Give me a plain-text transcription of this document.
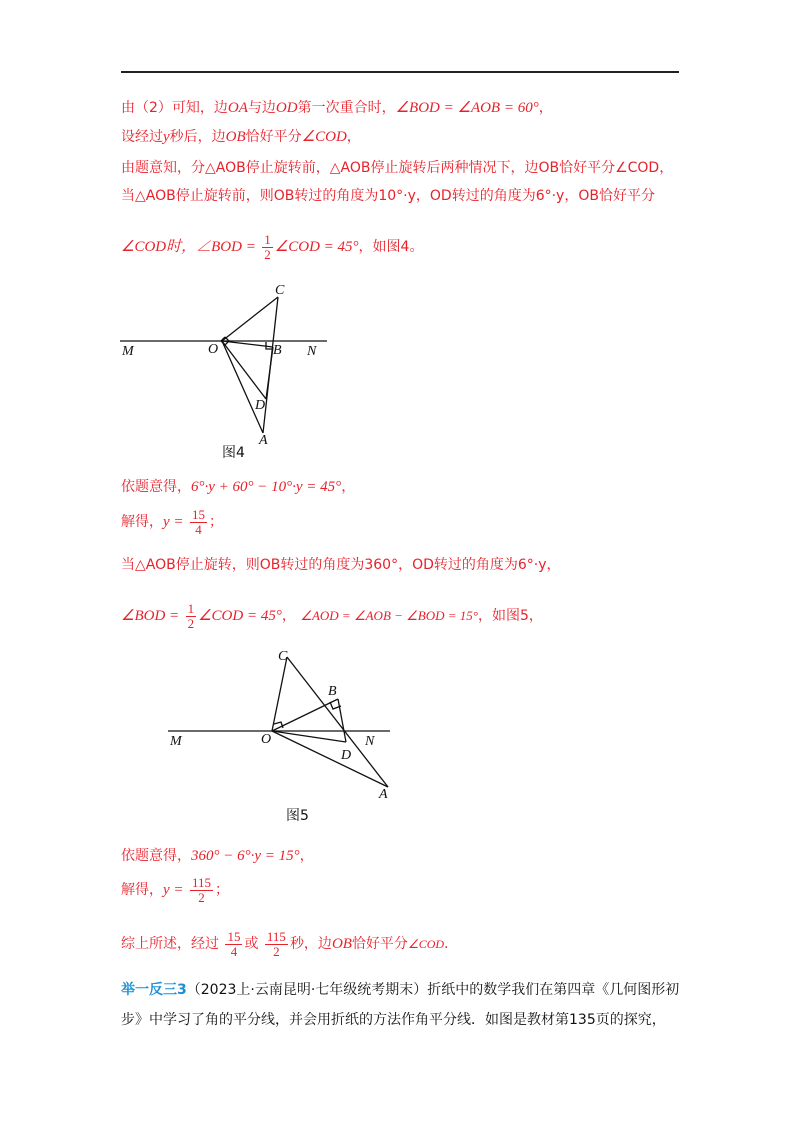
由（2）可知，边OA与边OD第一次重合时，∠BOD = ∠AOB = 60°，
设经过y秒后，边OB恰好平分∠COD，
由题意知，分△AOB停止旋转前，△AOB停止旋转后两种情况下，边OB恰好平分∠COD，
当△AOB停止旋转前，则OB转过的角度为10°·y，OD转过的角度为6°·y，OB恰好平分
∠COD时，∠BOD = $\frac{1}{2}$ ∠COD = 45°，如图4。
C
O	B N
M
D
A
图4
依题意得，6°·y + 60° − 10°·y = 45°，
解得，$y = \frac{15}{4}$ ；
当△AOB停止旋转，则OB转过的角度为360°，OD转过的角度为6°·y，
∠BOD = $\frac{1}{2}$ ∠COD = 45°， ∠AOD = ∠AOB − ∠BOD = 15°，如图5，
C
B
O	N
M
D
A
图5
依题意得，360° − 6°·y = 15°，
解得，$y = \frac{115}{2}$ ；
综上所述，经过 $\frac{15}{4}$ 或 $\frac{115}{2}$ 秒，边OB恰好平分∠COD.
举一反三3（2023上·云南昆明·七年级统考期末）折纸中的数学我们在第四章《几何图形初
步》中学习了角的平分线，并会用折纸的方法作角平分线．如图是教材第135页的探究，
